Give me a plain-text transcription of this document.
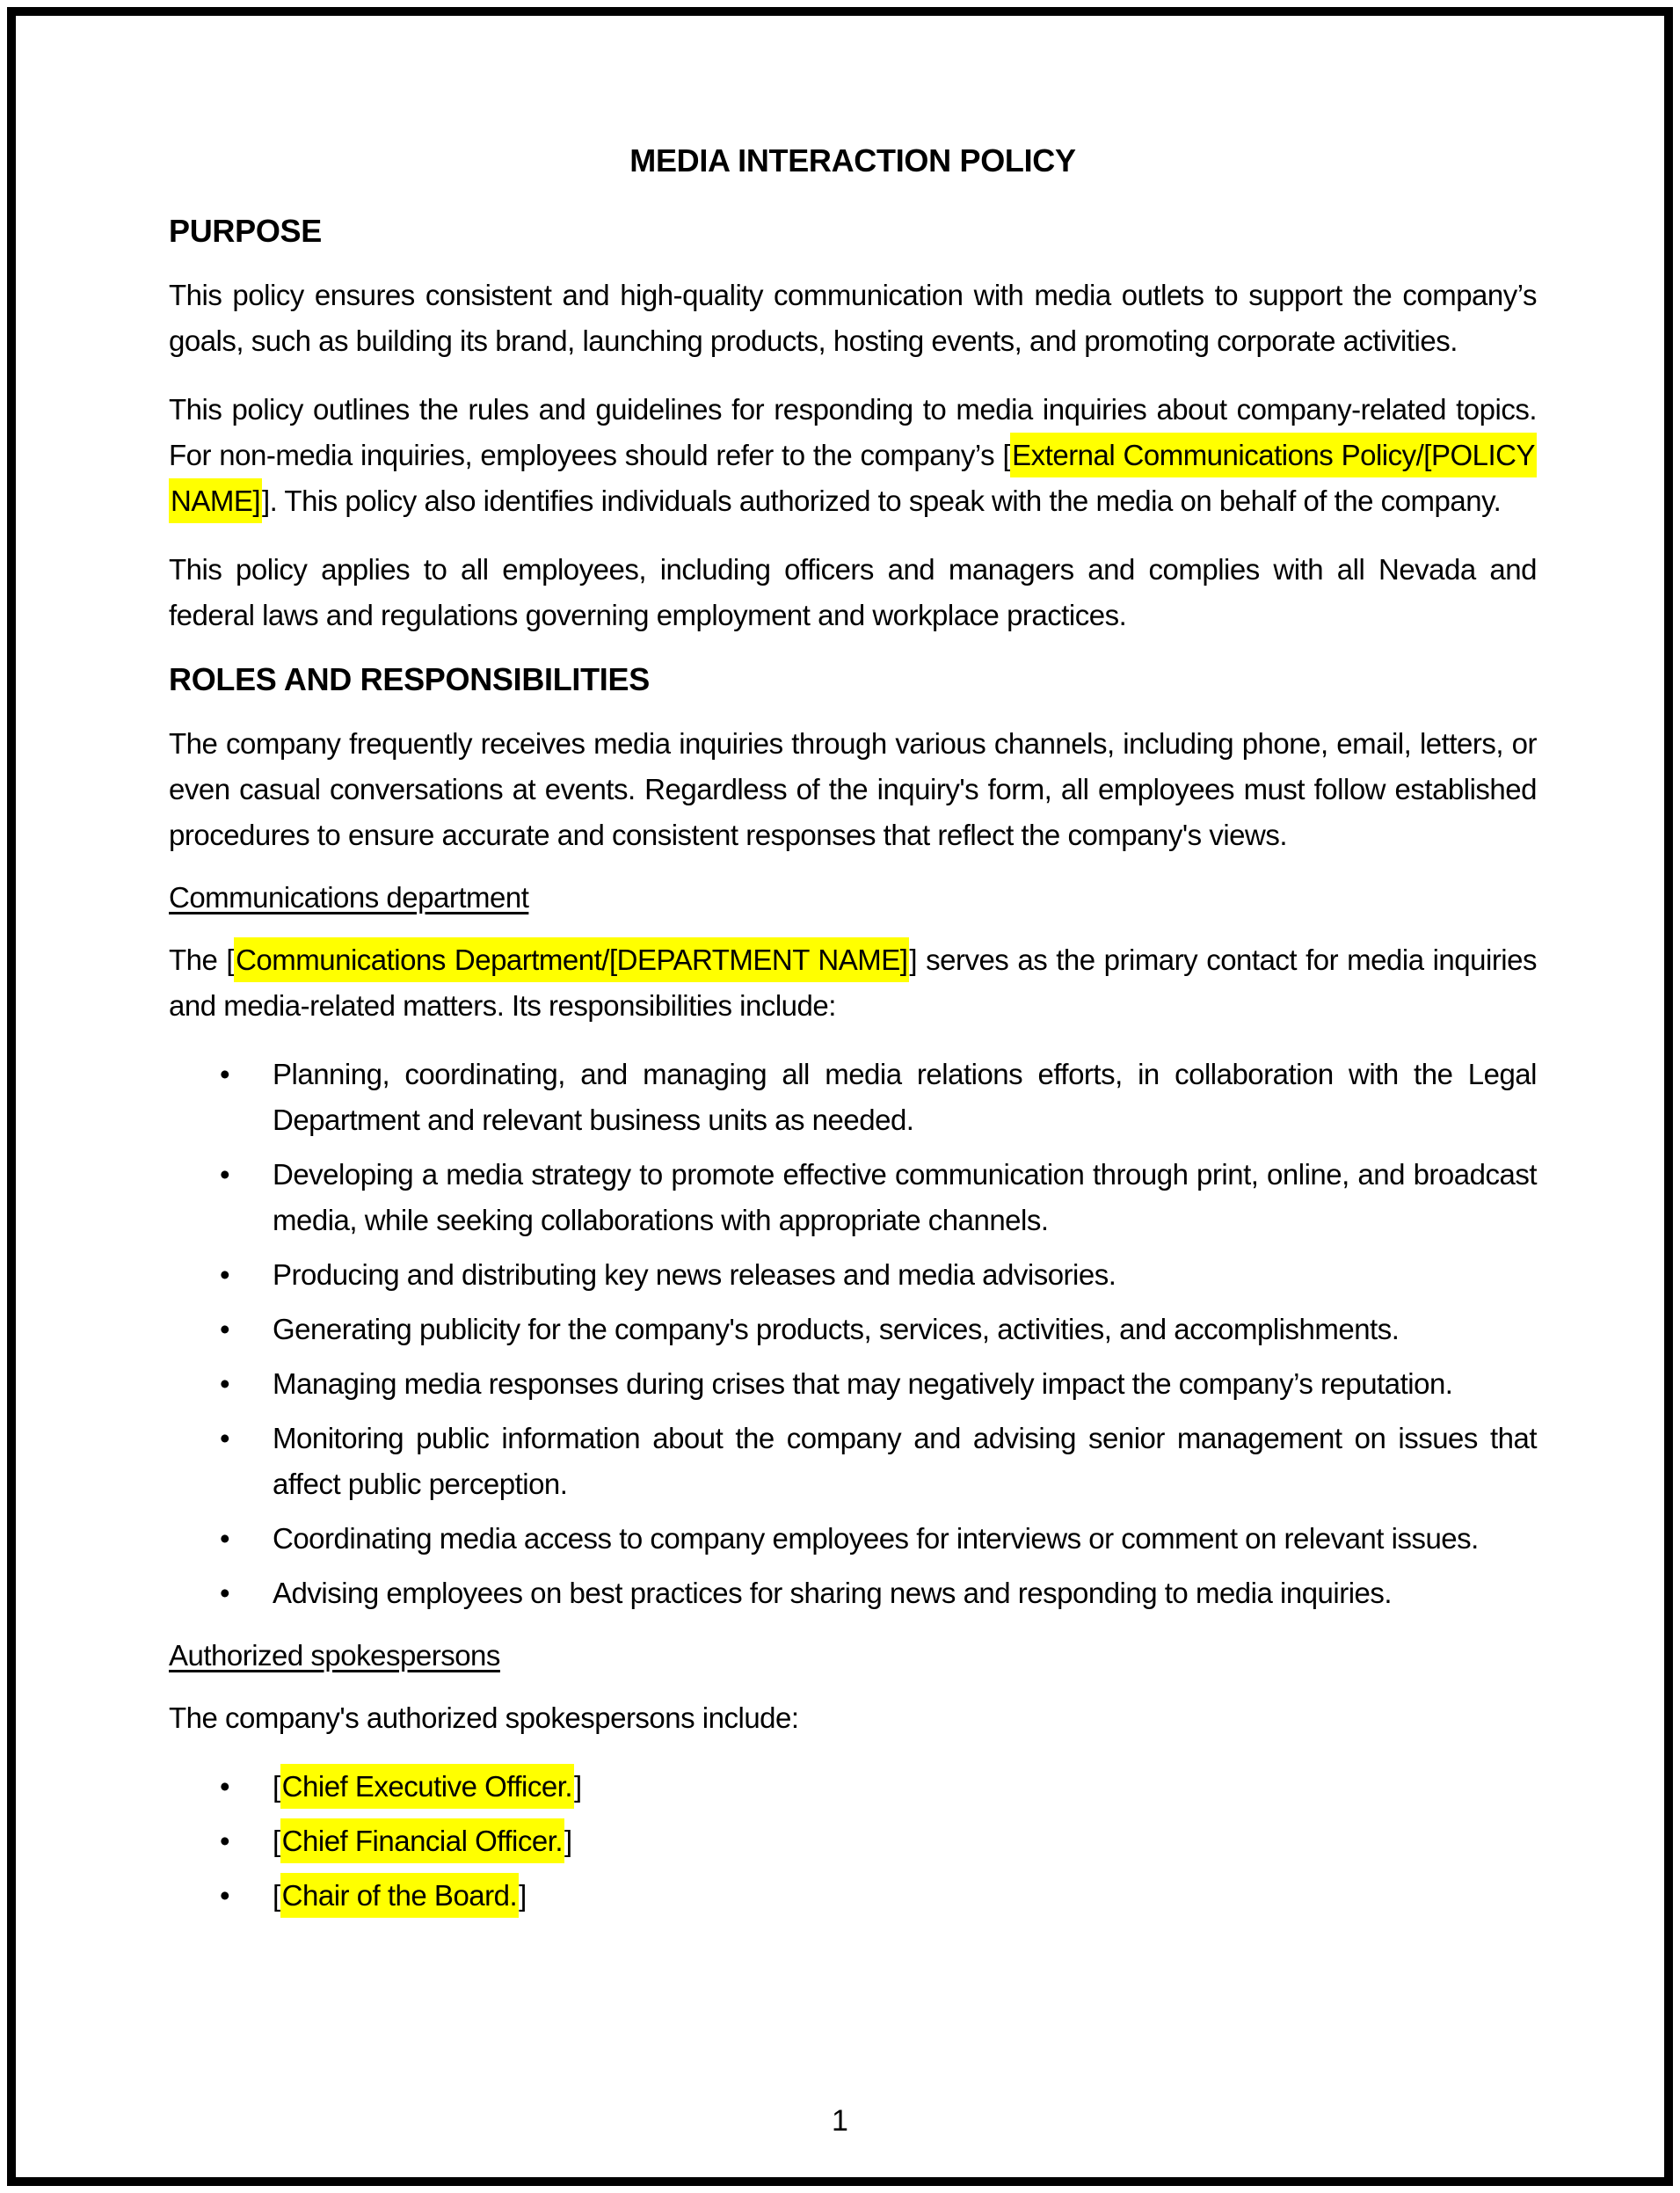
MEDIA INTERACTION POLICY
PURPOSE

This policy ensures consistent and high-quality communication with media outlets to support the company’s goals, such as building its brand, launching products, hosting events, and promoting corporate activities.

This policy outlines the rules and guidelines for responding to media inquiries about company-related topics. For non-media inquiries, employees should refer to the company’s [External Communications Policy/[POLICY NAME]]. This policy also identifies individuals authorized to speak with the media on behalf of the company.

This policy applies to all employees, including officers and managers and complies with all Nevada and federal laws and regulations governing employment and workplace practices.

ROLES AND RESPONSIBILITIES

The company frequently receives media inquiries through various channels, including phone, email, letters, or even casual conversations at events. Regardless of the inquiry's form, all employees must follow established procedures to ensure accurate and consistent responses that reflect the company's views.

Communications department

The [Communications Department/[DEPARTMENT NAME]] serves as the primary contact for media inquiries and media-related matters. Its responsibilities include:

• Planning, coordinating, and managing all media relations efforts, in collaboration with the Legal Department and relevant business units as needed.
• Developing a media strategy to promote effective communication through print, online, and broadcast media, while seeking collaborations with appropriate channels.
• Producing and distributing key news releases and media advisories.
• Generating publicity for the company's products, services, activities, and accomplishments.
• Managing media responses during crises that may negatively impact the company’s reputation.
• Monitoring public information about the company and advising senior management on issues that affect public perception.
• Coordinating media access to company employees for interviews or comment on relevant issues.
• Advising employees on best practices for sharing news and responding to media inquiries.
Authorized spokespersons

The company's authorized spokespersons include:

• [Chief Executive Officer.]
• [Chief Financial Officer.]
• [Chair of the Board.]
1
